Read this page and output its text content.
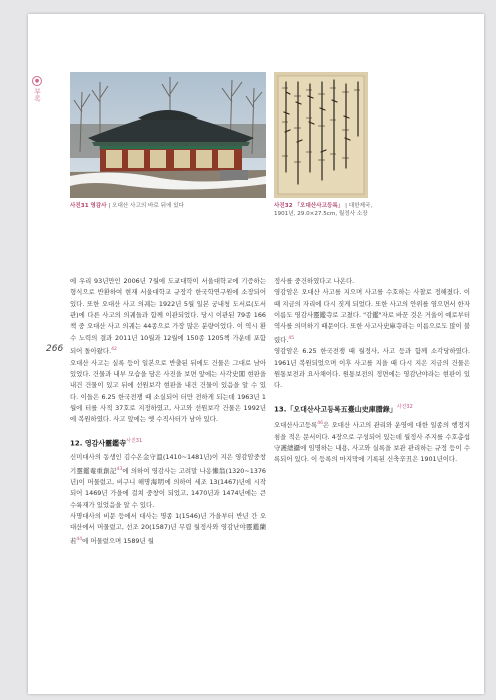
●
부록
266
사진31 영감사 | 오대산 사고의 바로 뒤에 있다	사진32 「오대산사고등록」 | 대한제국,
1901년, 29.0×27.5cm, 월정사 소장

에 우리 93년만인 2006년 7월에 도쿄대학이 서울대학교에 기증하는 형식으로 반환하여 현재 서울대학교 규장각 한국학연구원에 소장되어 있다. 또한 오대산 사고 의궤는 1922년 5월 일본 궁내청 도서료(도서관)에 다른 사고의 의궤들과 함께 이관되었다. 당시 이관된 79종 166책 중 오대산 사고 의궤는 44종으로 가장 많은 분량이었다. 이 역시 환수 노력의 결과 2011년 10월과 12월에 150종 1205책 가운데 포함되어 돌아왔다.$^{42}$

오대산 사고는 실록 등이 일본으로 반출된 뒤에도 건물은 그대로 남아 있었다. 건물과 내부 모습을 담은 사진을 보면 앞에는 사각史閣 현판을 내건 건물이 있고 뒤에 선원보각 현판을 내건 건물이 있음을 알 수 있다. 이들은 6.25 한국전쟁 때 소실되어 터만 전하게 되는데 1963년 1월에 터를 사적 37호로 지정하였고, 사고와 선원보각 건물은 1992년에 복원하였다. 사고 앞에는 옛 수직사터가 남아 있다.

12. 영감사靈鑑寺$^{사진31}$

신미대사의 동생인 김수온金守溫(1410~1481년)이 지은 영감암중창기靈鑑菴重創記$^{43}$에 의하여 영감사는 고려말 나옹懶翁(1320~1376년)이 머물렀고, 비구니 해명海明에 의하여 세조 13(1467)년에 시작되어 1469년 가을에 걸쳐 중창이 되었고, 1470년과 1474년에는 큰 수륙재가 있었음을 알 수 있다.

사명대사의 비문 등에서 대사는 명종 1(1546)년 가을부터 반년 간 오대산에서 머물렀고, 선조 20(1587)년 무렵 월정사와 영감난야靈鑑蘭若$^{44}$에 머물렀으며 1589년 월

정사를 중건하였다고 나온다.

영감암은 오대산 사고를 지으며 사고를 수호하는 사찰로 정해졌다. 이 때 지금의 자리에 다시 짓게 되었다. 또한 사고의 안위를 염으면서 한자 이름도 영감사靈鑑寺로 고쳤다. "감鑑"자로 바꾼 것은 거울이 예로부터 역사를 의미하기 때문이다. 또한 사고사史庫寺라는 이름으로도 많이 불렸다.$^{45}$

영감암은 6.25 한국전쟁 때 월정사, 사고 등과 함께 소각당하였다. 1961년 복원되었으며 이후 사고를 지을 때 다시 지은 지금의 건물은 원통보전과 요사채이다. 원통보전의 정면에는 영감난야라는 현판이 있다.

13.「오대산사고등록五臺山史庫謄錄」$^{사진32}$

오대산사고등록$^{46}$은 오대산 사고의 관리와 운영에 대한 일종의 행정지침을 적은 문서이다. 4장으로 구성되어 있는데 월정사 주지를 수호총섭守護總攝에 임명하는 내용, 사고와 실록을 보관 관리하는 규정 등이 수록되어 있다. 이 등록의 마지막에 기록된 신축辛丑은 1901년이다.
